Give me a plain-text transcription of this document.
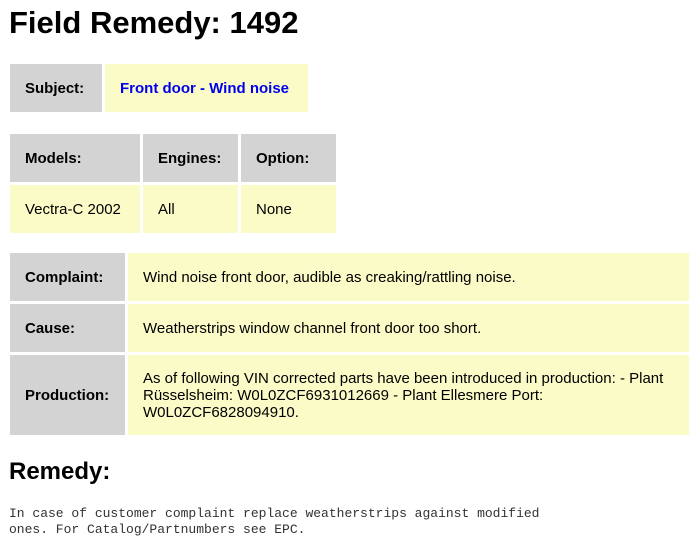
Field Remedy: 1492
Subject:	Front door - Wind noise
Models:	Engines:	Option:
Vectra-C 2002	All	None
Complaint:	Wind noise front door, audible as creaking/rattling noise.
Cause:	Weatherstrips window channel front door too short.
Production:	As of following VIN corrected parts have been introduced in production: - Plant Rüsselsheim: W0L0ZCF6931012669 - Plant Ellesmere Port: W0L0ZCF6828094910.
Remedy:
In case of customer complaint replace weatherstrips against modified
ones. For Catalog/Partnumbers see EPC.
